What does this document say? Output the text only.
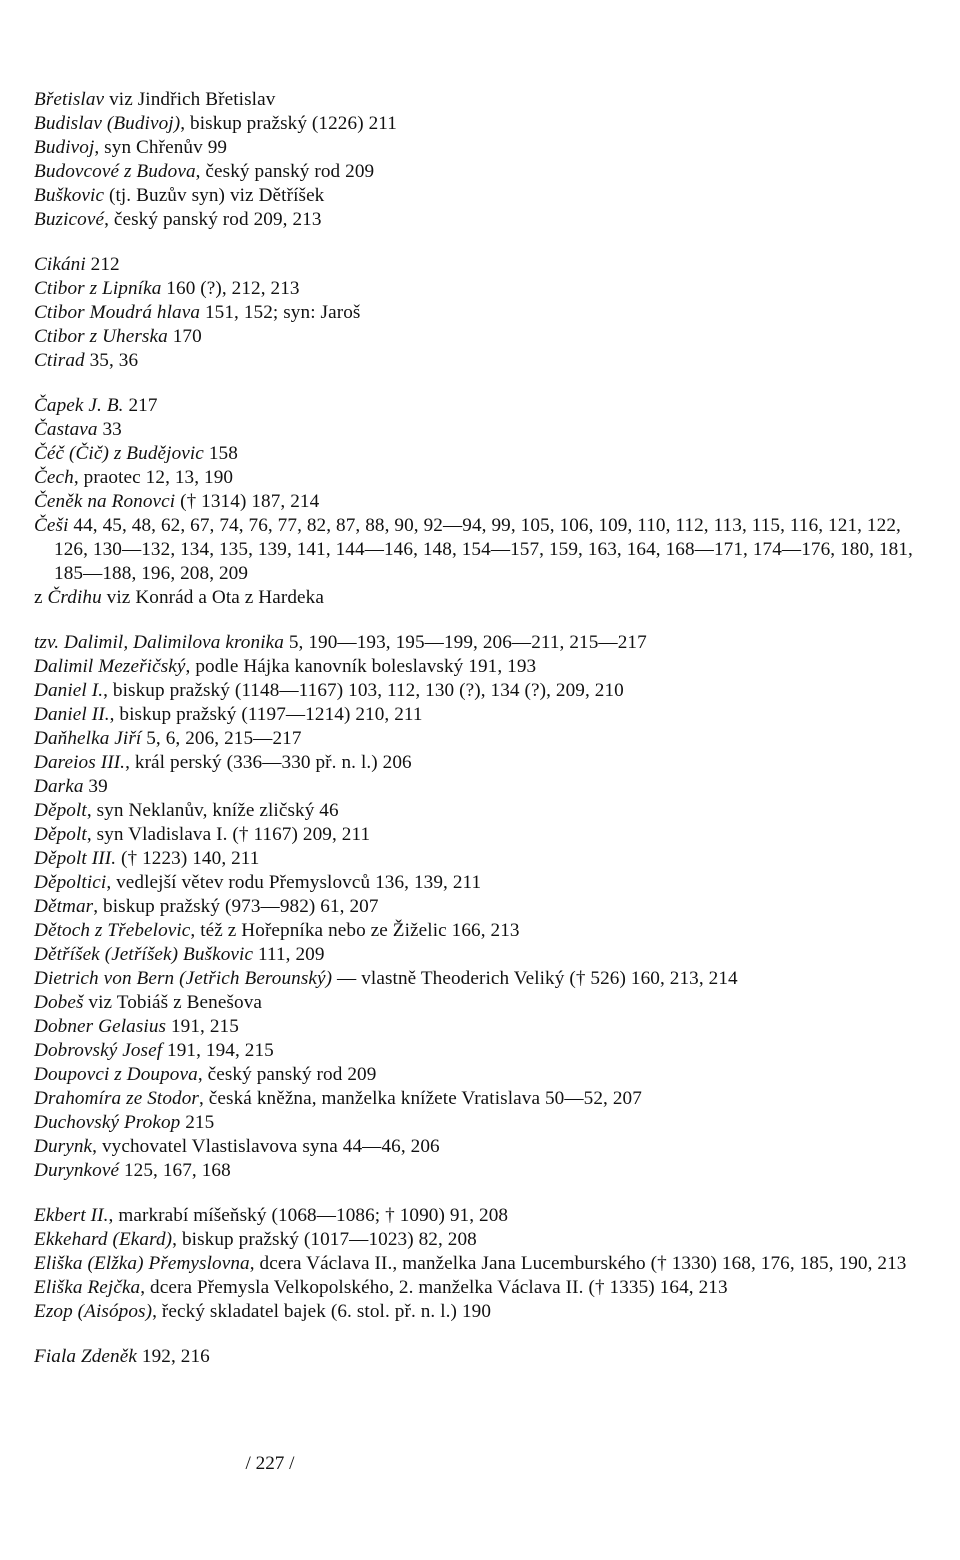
Břetislav viz Jindřich Břetislav
Budislav (Budivoj), biskup pražský (1226) 211
Budivoj, syn Chřenův 99
Budovcové z Budova, český panský rod 209
Buškovic (tj. Buzův syn) viz Dětříšek
Buzicové, český panský rod 209, 213
Cikáni 212
Ctibor z Lipníka 160 (?), 212, 213
Ctibor Moudrá hlava 151, 152; syn: Jaroš
Ctibor z Uherska 170
Ctirad 35, 36
Čapek J. B. 217
Častava 33
Čéč (Čič) z Budějovic 158
Čech, praotec 12, 13, 190
Čeněk na Ronovci († 1314) 187, 214
Češi 44, 45, 48, 62, 67, 74, 76, 77, 82, 87, 88, 90, 92—94, 99, 105, 106, 109, 110, 112, 113, 115, 116, 121, 122, 126, 130—132, 134, 135, 139, 141, 144—146, 148, 154—157, 159, 163, 164, 168—171, 174—176, 180, 181, 185—188, 196, 208, 209
z Črdihu viz Konrád a Ota z Hardeka
tzv. Dalimil, Dalimilova kronika 5, 190—193, 195—199, 206—211, 215—217
Dalimil Mezeřičský, podle Hájka kanovník boleslavský 191, 193
Daniel I., biskup pražský (1148—1167) 103, 112, 130 (?), 134 (?), 209, 210
Daniel II., biskup pražský (1197—1214) 210, 211
Daňhelka Jiří 5, 6, 206, 215—217
Dareios III., král perský (336—330 př. n. l.) 206
Darka 39
Děpolt, syn Neklanův, kníže zličský 46
Děpolt, syn Vladislava I. († 1167) 209, 211
Děpolt III. († 1223) 140, 211
Děpoltici, vedlejší větev rodu Přemyslovců 136, 139, 211
Dětmar, biskup pražský (973—982) 61, 207
Dětoch z Třebelovic, též z Hořepníka nebo ze Žiželic 166, 213
Dětříšek (Jetříšek) Buškovic 111, 209
Dietrich von Bern (Jetřich Berounský) — vlastně Theoderich Veliký († 526) 160, 213, 214
Dobeš viz Tobiáš z Benešova
Dobner Gelasius 191, 215
Dobrovský Josef 191, 194, 215
Doupovci z Doupova, český panský rod 209
Drahomíra ze Stodor, česká kněžna, manželka knížete Vratislava 50—52, 207
Duchovský Prokop 215
Durynk, vychovatel Vlastislavova syna 44—46, 206
Durynkové 125, 167, 168
Ekbert II., markrabí míšeňský (1068—1086; † 1090) 91, 208
Ekkehard (Ekard), biskup pražský (1017—1023) 82, 208
Eliška (Elžka) Přemyslovna, dcera Václava II., manželka Jana Lucemburského († 1330) 168, 176, 185, 190, 213
Eliška Rejčka, dcera Přemysla Velkopolského, 2. manželka Václava II. († 1335) 164, 213
Ezop (Aisópos), řecký skladatel bajek (6. stol. př. n. l.) 190
Fiala Zdeněk 192, 216
/ 227 /
